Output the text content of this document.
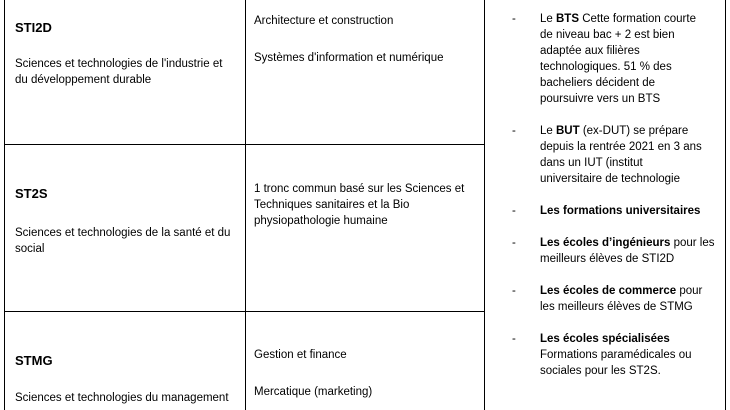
STI2D
Sciences et technologies de l'industrie et
du développement durable
Architecture et construction
Systèmes d'information et numérique
ST2S
Sciences et technologies de la santé et du
social
1 tronc commun basé sur les Sciences et
Techniques sanitaires et la Bio
physiopathologie humaine
STMG
Sciences et technologies du management
Gestion et finance
Mercatique (marketing)
- Le BTS Cette formation courte
de niveau bac + 2 est bien
adaptée aux filières
technologiques. 51 % des
bacheliers décident de
poursuivre vers un BTS
- Le BUT (ex-DUT) se prépare
depuis la rentrée 2021 en 3 ans
dans un IUT (institut
universitaire de technologie
- Les formations universitaires
- Les écoles d’ingénieurs pour les
meilleurs élèves de STI2D
- Les écoles de commerce pour
les meilleurs élèves de STMG
- Les écoles spécialisées
Formations paramédicales ou
sociales pour les ST2S.
